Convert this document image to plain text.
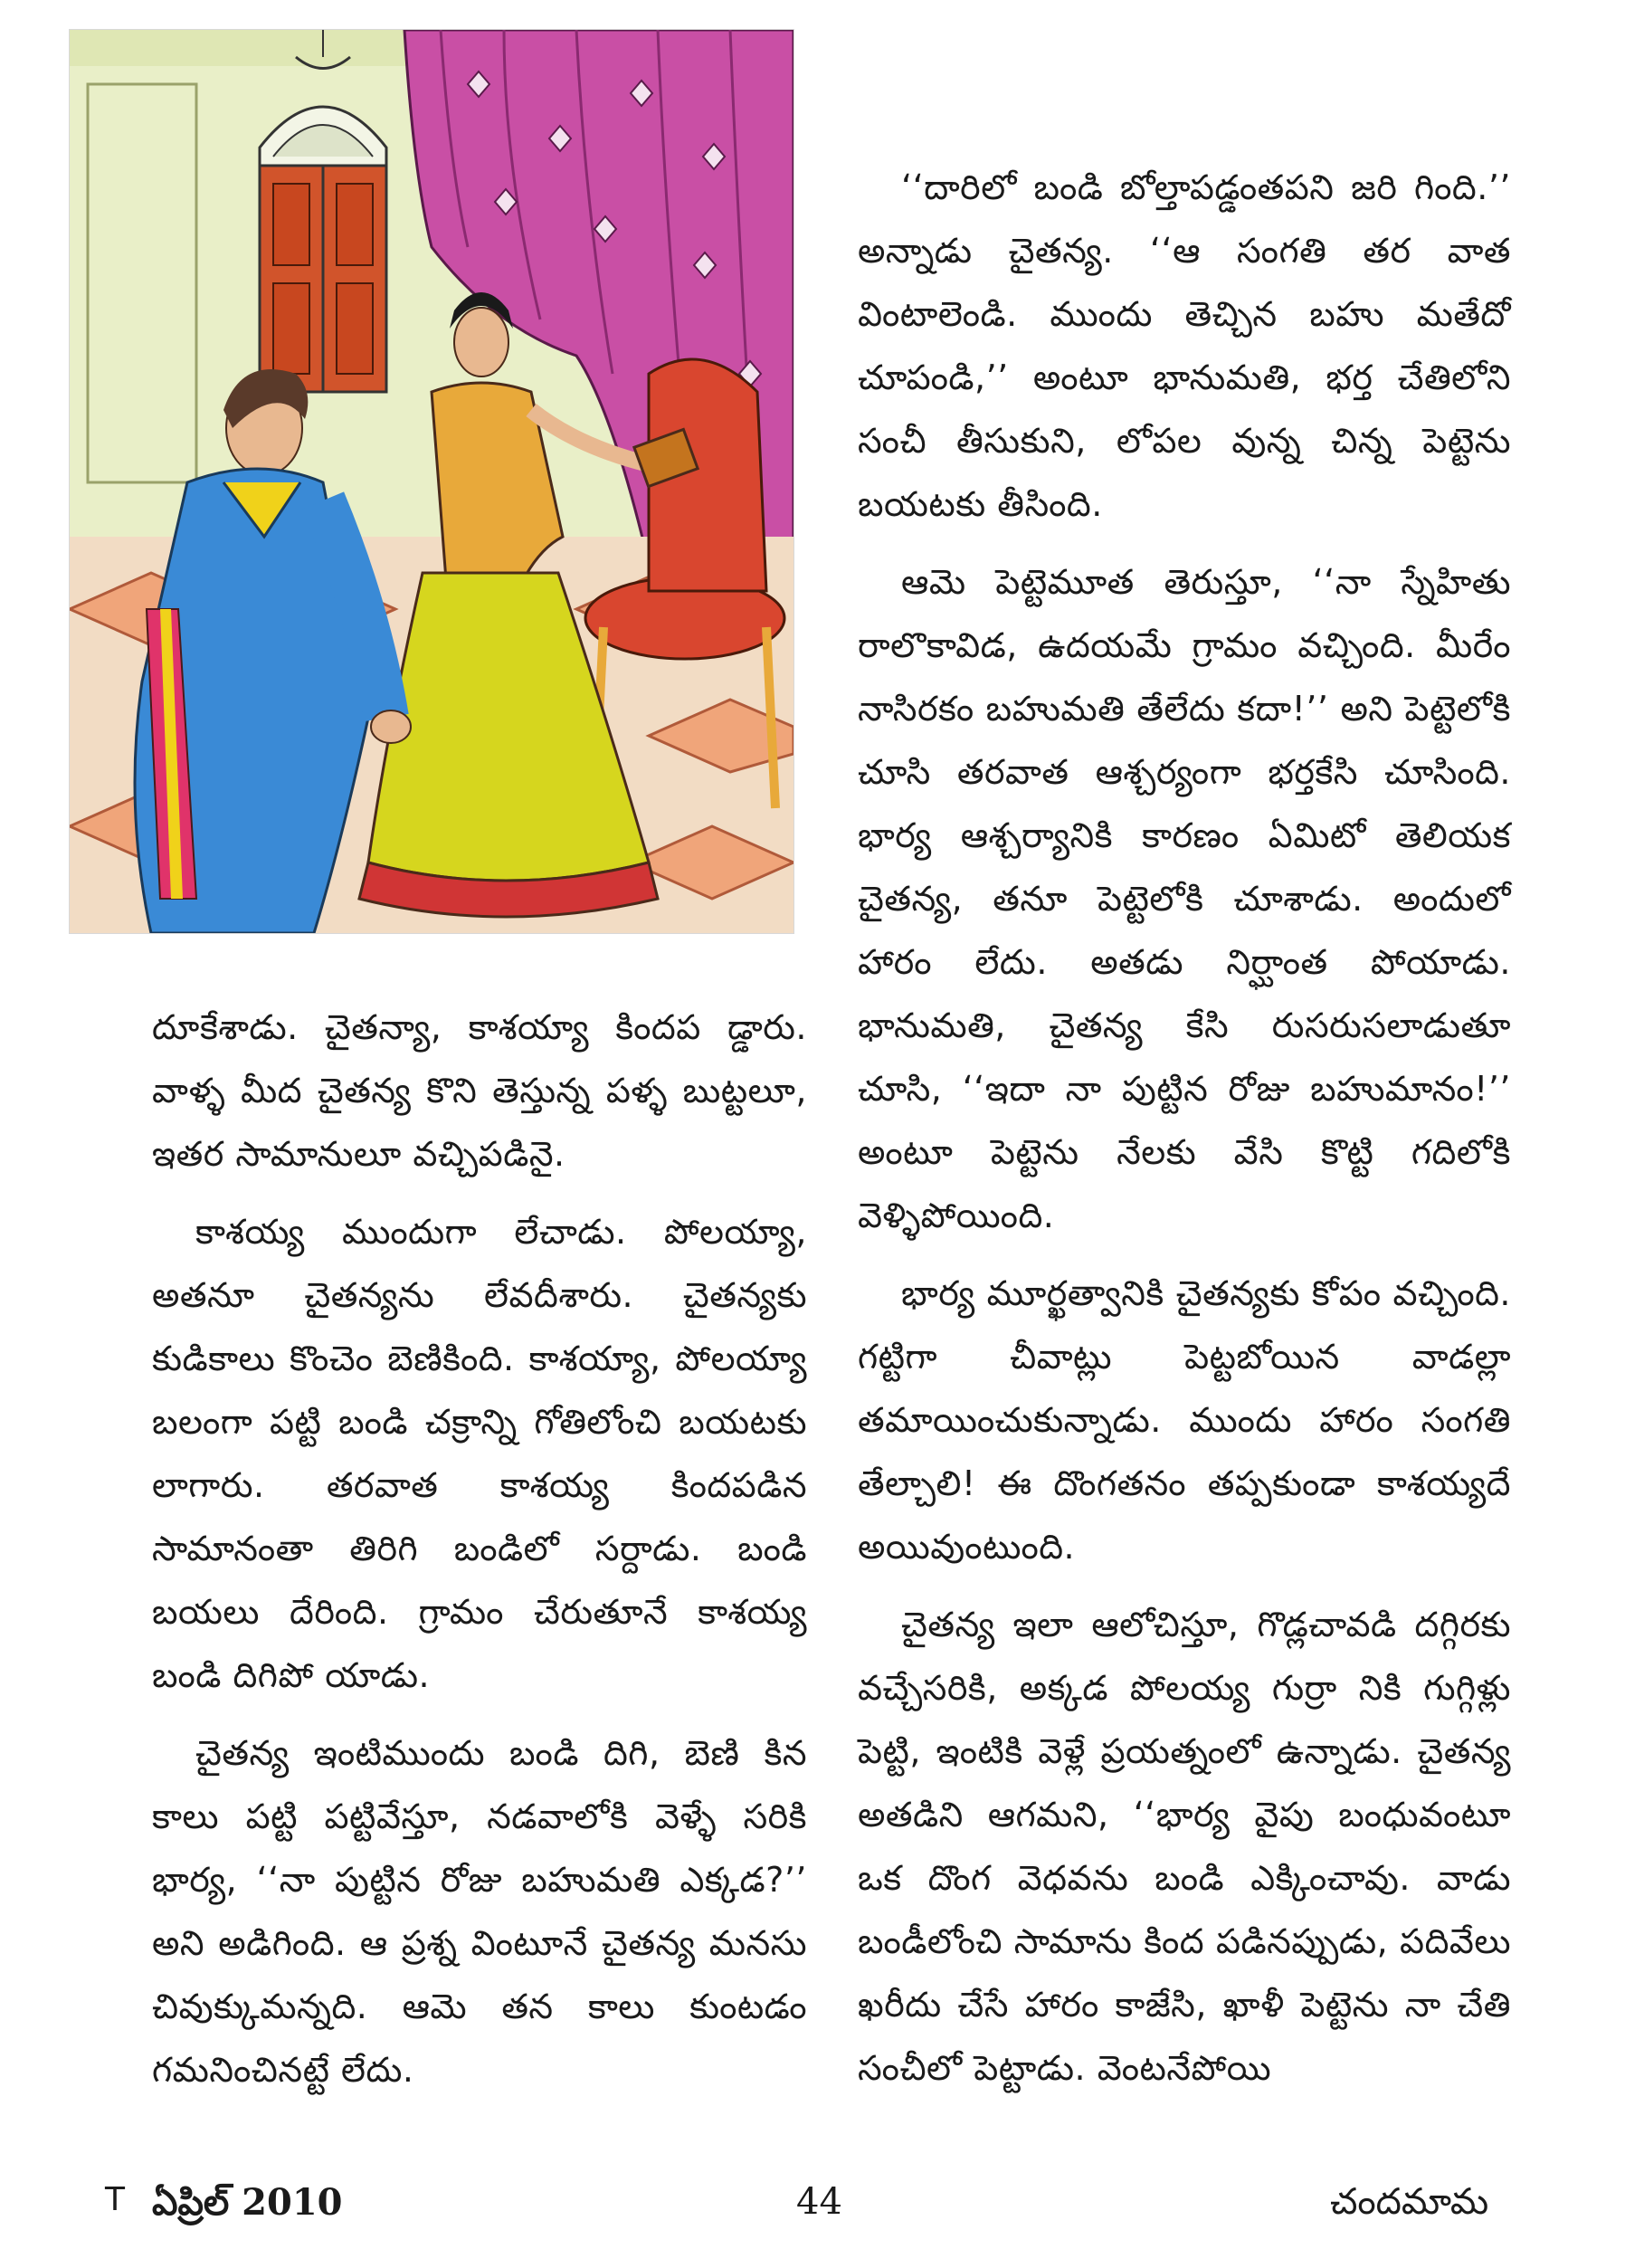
దూకేశాడు. చైతన్యా, కాశయ్యా కిందప డ్డారు. వాళ్ళ మీద చైతన్య కొని తెస్తున్న పళ్ళ బుట్టలూ, ఇతర సామానులూ వచ్చిపడినై.

కాశయ్య ముందుగా లేచాడు. పోలయ్యా, అతనూ చైతన్యను లేవదీశారు. చైతన్యకు కుడికాలు కొంచెం బెణికింది. కాశయ్యా, పోలయ్యా బలంగా పట్టి బండి చక్రాన్ని గోతిలోంచి బయటకు లాగారు. తరవాత కాశయ్య కిందపడిన సామానంతా తిరిగి బండిలో సర్దాడు. బండి బయలు దేరింది. గ్రామం చేరుతూనే కాశయ్య బండి దిగిపో యాడు.

చైతన్య ఇంటిముందు బండి దిగి, బెణి కిన కాలు పట్టి పట్టివేస్తూ, నడవాలోకి వెళ్ళే సరికి భార్య, ‘‘నా పుట్టిన రోజు బహుమతి ఎక్కడ?’’ అని అడిగింది. ఆ ప్రశ్న వింటూనే చైతన్య మనసు చివుక్కుమన్నది. ఆమె తన కాలు కుంటడం గమనించినట్టే లేదు.

‘‘దారిలో బండి బోల్తాపడ్డంతపని జరి గింది.’’ అన్నాడు చైతన్య. ‘‘ఆ సంగతి తర వాత వింటాలెండి. ముందు తెచ్చిన బహు మతేదో చూపండి,’’ అంటూ భానుమతి, భర్త చేతిలోని సంచీ తీసుకుని, లోపల వున్న చిన్న పెట్టెను బయటకు తీసింది.

ఆమె పెట్టెమూత తెరుస్తూ, ‘‘నా స్నేహితు రాలొకావిడ, ఉదయమే గ్రామం వచ్చింది. మీరేం నాసిరకం బహుమతి తేలేదు కదా!’’ అని పెట్టెలోకి చూసి తరవాత ఆశ్చర్యంగా భర్తకేసి చూసింది. భార్య ఆశ్చర్యానికి కారణం ఏమిటో తెలియక చైతన్య, తనూ పెట్టెలోకి చూశాడు. అందులో హారం లేదు. అతడు నిర్ఘాంత పోయాడు. భానుమతి, చైతన్య కేసి రుసరుసలాడుతూ చూసి, ‘‘ఇదా నా పుట్టిన రోజు బహుమానం!’’ అంటూ పెట్టెను నేలకు వేసి కొట్టి గదిలోకి వెళ్ళిపోయింది.

భార్య మూర్ఖత్వానికి చైతన్యకు కోపం వచ్చింది. గట్టిగా చీవాట్లు పెట్టబోయిన వాడల్లా తమాయించుకున్నాడు. ముందు హారం సంగతి తేల్చాలి! ఈ దొంగతనం తప్పకుండా కాశయ్యదే అయివుంటుంది.

చైతన్య ఇలా ఆలోచిస్తూ, గొడ్లచావడి దగ్గిరకు వచ్చేసరికి, అక్కడ పోలయ్య గుర్రా నికి గుగ్గిళ్లు పెట్టి, ఇంటికి వెళ్లే ప్రయత్నంలో ఉన్నాడు. చైతన్య అతడిని ఆగమని, ‘‘భార్య వైపు బంధువంటూ ఒక దొంగ వెధవను బండి ఎక్కించావు. వాడు బండీలోంచి సామాను కింద పడినప్పుడు, పదివేలు ఖరీదు చేసే హారం కాజేసి, ఖాళీ పెట్టెను నా చేతి సంచీలో పెట్టాడు. వెంటనేపోయి

T ఏప్రిల్ 2010	44	చందమామ
